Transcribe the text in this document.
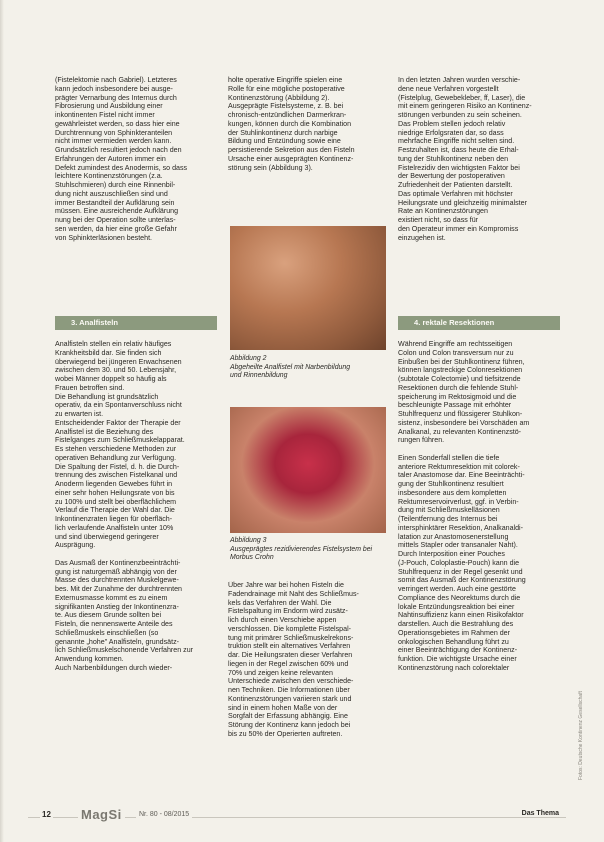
(Fistelektomie nach Gabriel). Letzteres
kann jedoch insbesondere bei ausge-
prägter Vernarbung des Internus durch
Fibrosierung und Ausbildung einer
inkontinenten Fistel nicht immer
gewährleistet werden, so dass hier eine
Durchtrennung von Sphinkteranteilen
nicht immer vermieden werden kann.
Grundsätzlich resultiert jedoch nach den
Erfahrungen der Autoren immer ein
Defekt zumindest des Anodermis, so dass
leichtere Kontinenzstörungen (z.a.
Stuhlschmieren) durch eine Rinnenbil-
dung nicht auszuschließen sind und
immer Bestandteil der Aufklärung sein
müssen. Eine ausreichende Aufklärung
nung bei der Operation sollte unterlas-
sen werden, da hier eine große Gefahr
von Sphinkterläsionen besteht.
3. Analfisteln
Analfisteln stellen ein relativ häufiges
Krankheitsbild dar. Sie finden sich
überwiegend bei jüngeren Erwachsenen
zwischen dem 30. und 50. Lebensjahr,
wobei Männer doppelt so häufig als
Frauen betroffen sind.
Die Behandlung ist grundsätzlich
operativ, da ein Spontanverschluss nicht
zu erwarten ist.
Entscheidender Faktor der Therapie der
Analfistel ist die Beziehung des
Fistelganges zum Schließmuskelapparat.
Es stehen verschiedene Methoden zur
operativen Behandlung zur Verfügung.
Die Spaltung der Fistel, d. h. die Durch-
trennung des zwischen Fistelkanal und
Anoderm liegenden Gewebes führt in
einer sehr hohen Heilungsrate von bis
zu 100% und stellt bei oberflächlichem
Verlauf die Therapie der Wahl dar. Die
Inkontinenzraten liegen für oberfläch-
lich verlaufende Analfisteln unter 10%
und sind überwiegend geringerer
Ausprägung.
Das Ausmaß der Kontinenzbeeinträchti-
gung ist naturgemäß abhängig von der
Masse des durchtrennten Muskelgewe-
bes. Mit der Zunahme der durchtrennten
Externusmasse kommt es zu einem
signifikanten Anstieg der Inkontinenzra-
te. Aus diesem Grunde sollten bei
Fisteln, die nennenswerte Anteile des
Schließmuskels einschließen (so
genannte „hohe" Analfisteln, grundsätz-
lich Schließmuskelschonende Verfahren zur
Anwendung kommen.
Auch Narbenbildungen durch wieder-
holte operative Eingriffe spielen eine
Rolle für eine mögliche postoperative
Kontinenzstörung (Abbildung 2).
Ausgeprägte Fistelsysteme, z. B. bei
chronisch-entzündlichen Darmerkran-
kungen, können durch die Kombination
der Stuhlinkontinenz durch narbige
Bildung und Entzündung sowie eine
persistierende Sekretion aus den Fisteln
Ursache einer ausgeprägten Kontinenz-
störung sein (Abbildung 3).
Abbildung 2
Abgeheilte Analfistel mit Narbenbildung
und Rinnenbildung
Abbildung 3
Ausgeprägtes rezidivierendes Fistelsystem bei
Morbus Crohn
Über Jahre war bei hohen Fisteln die
Fadendrainage mit Naht des Schließmus-
kels das Verfahren der Wahl. Die
Fistelspaltung im Endorm wird zusätz-
lich durch einen Verschiebe appen
verschlossen. Die komplette Fistelspal-
tung mit primärer Schließmuskelrekons-
truktion stellt ein alternatives Verfahren
dar. Die Heilungsraten dieser Verfahren
liegen in der Regel zwischen 60% und
70% und zeigen keine relevanten
Unterschiede zwischen den verschiede-
nen Techniken. Die Informationen über
Kontinenzstörungen variieren stark und
sind in einem hohen Maße von der
Sorgfalt der Erfassung abhängig. Eine
Störung der Kontinenz kann jedoch bei
bis zu 50% der Operierten auftreten.
In den letzten Jahren wurden verschie-
dene neue Verfahren vorgestellt
(Fistelplug, Gewebekleber, ff, Laser), die
mit einem geringeren Risiko an Kontinenz-
störungen verbunden zu sein scheinen.
Das Problem stellen jedoch relativ
niedrige Erfolgsraten dar, so dass
mehrfache Eingriffe nicht selten sind.
Festzuhalten ist, dass heute die Erhal-
tung der Stuhlkontinenz neben den
Fistelrezidiv den wichtigsten Faktor bei
der Bewertung der postoperativen
Zufriedenheit der Patienten darstellt.
Das optimale Verfahren mit höchster
Heilungsrate und gleichzeitig minimalster
Rate an Kontinenzstörungen
existiert nicht, so dass für
den Operateur immer ein Kompromiss
einzugehen ist.
4. rektale Resektionen
Während Eingriffe am rechtsseitigen
Colon und Colon transversum nur zu
Einbußen bei der Stuhlkontinenz führen,
können langstreckige Colonresektionen
(subtotale Colectomie) und tiefsitzende
Resektionen durch die fehlende Stuhl-
speicherung im Rektosigmoid und die
beschleunigte Passage mit erhöhter
Stuhlfrequenz und flüssigerer Stuhlkon-
sistenz, insbesondere bei Vorschäden am
Analkanal, zu relevanten Kontinenzstö-
rungen führen.
Einen Sonderfall stellen die tiefe
anteriore Rektumresektion mit colorek-
taler Anastomose dar. Eine Beeinträchti-
gung der Stuhlkontinenz resultiert
insbesondere aus dem kompletten
Rektumreservoirverlust, ggf. in Verbin-
dung mit Schließmuskelläsionen
(Teilentfernung des Internus bei
intersphinktärer Resektion, Analkanaldi-
latation zur Anastomosenerstellung
mittels Stapler oder transanaler Naht).
Durch Interposition einer Pouches
(J-Pouch, Coloplastie-Pouch) kann die
Stuhlfrequenz in der Regel gesenkt und
somit das Ausmaß der Kontinenzstörung
verringert werden. Auch eine gestörte
Compliance des Neorektums durch die
lokale Entzündungsreaktion bei einer
Nahtinsuffizienz kann einen Risikofaktor
darstellen. Auch die Bestrahlung des
Operationsgebietes im Rahmen der
onkologischen Behandlung führt zu
einer Beeinträchtigung der Kontinenz-
funktion. Die wichtigste Ursache einer
Kontinenzstörung nach colorektaler
Fotos: Deutsche Kontinenz Gesellschaft
12 MagSi	Nr. 80 - 08/2015	Das Thema
